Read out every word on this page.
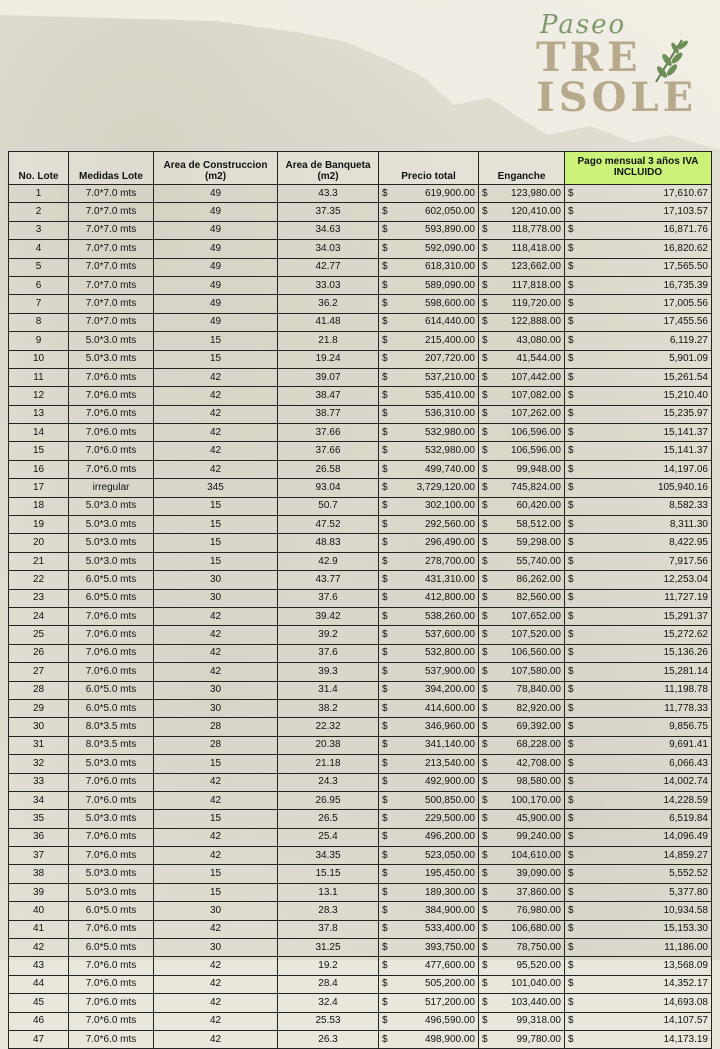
Paseo
TRE
ISOLE
No. Lote	Medidas Lote	Area de Construccion (m2)	Area de Banqueta (m2)	Precio total	Enganche	Pago mensual 3 años IVA INCLUIDO
1	7.0*7.0 mts	49	43.3	$ 619,900.00	$ 123,980.00	$ 17,610.67

2	7.0*7.0 mts	49	37.35	$ 602,050.00	$ 120,410.00	$ 17,103.57

3	7.0*7.0 mts	49	34.63	$ 593,890.00	$ 118,778.00	$ 16,871.76

4	7.0*7.0 mts	49	34.03	$ 592,090.00	$ 118,418.00	$ 16,820.62

5	7.0*7.0 mts	49	42.77	$ 618,310.00	$ 123,662.00	$ 17,565.50

6	7.0*7.0 mts	49	33.03	$ 589,090.00	$ 117,818.00	$ 16,735.39

7	7.0*7.0 mts	49	36.2	$ 598,600.00	$ 119,720.00	$ 17,005.56

8	7.0*7.0 mts	49	41.48	$ 614,440.00	$ 122,888.00	$ 17,455.56

9	5.0*3.0 mts	15	21.8	$ 215,400.00	$ 43,080.00	$ 6,119.27

10	5.0*3.0 mts	15	19.24	$ 207,720.00	$ 41,544.00	$ 5,901.09

11	7.0*6.0 mts	42	39.07	$ 537,210.00	$ 107,442.00	$ 15,261.54

12	7.0*6.0 mts	42	38.47	$ 535,410.00	$ 107,082.00	$ 15,210.40

13	7.0*6.0 mts	42	38.77	$ 536,310.00	$ 107,262.00	$ 15,235.97

14	7.0*6.0 mts	42	37.66	$ 532,980.00	$ 106,596.00	$ 15,141.37

15	7.0*6.0 mts	42	37.66	$ 532,980.00	$ 106,596.00	$ 15,141.37

16	7.0*6.0 mts	42	26.58	$ 499,740.00	$ 99,948.00	$ 14,197.06

17	irregular	345	93.04	$ 3,729,120.00	$ 745,824.00	$ 105,940.16

18	5.0*3.0 mts	15	50.7	$ 302,100.00	$ 60,420.00	$ 8,582.33

19	5.0*3.0 mts	15	47.52	$ 292,560.00	$ 58,512.00	$ 8,311.30

20	5.0*3.0 mts	15	48.83	$ 296,490.00	$ 59,298.00	$ 8,422.95

21	5.0*3.0 mts	15	42.9	$ 278,700.00	$ 55,740.00	$ 7,917.56

22	6.0*5.0 mts	30	43.77	$ 431,310.00	$ 86,262.00	$ 12,253.04

23	6.0*5.0 mts	30	37.6	$ 412,800.00	$ 82,560.00	$ 11,727.19

24	7.0*6.0 mts	42	39.42	$ 538,260.00	$ 107,652.00	$ 15,291.37

25	7.0*6.0 mts	42	39.2	$ 537,600.00	$ 107,520.00	$ 15,272.62

26	7.0*6.0 mts	42	37.6	$ 532,800.00	$ 106,560.00	$ 15,136.26

27	7.0*6.0 mts	42	39.3	$ 537,900.00	$ 107,580.00	$ 15,281.14

28	6.0*5.0 mts	30	31.4	$ 394,200.00	$ 78,840.00	$ 11,198.78

29	6.0*5.0 mts	30	38.2	$ 414,600.00	$ 82,920.00	$ 11,778.33

30	8.0*3.5 mts	28	22.32	$ 346,960.00	$ 69,392.00	$ 9,856.75

31	8.0*3.5 mts	28	20.38	$ 341,140.00	$ 68,228.00	$ 9,691.41

32	5.0*3.0 mts	15	21.18	$ 213,540.00	$ 42,708.00	$ 6,066.43

33	7.0*6.0 mts	42	24.3	$ 492,900.00	$ 98,580.00	$ 14,002.74

34	7.0*6.0 mts	42	26.95	$ 500,850.00	$ 100,170.00	$ 14,228.59

35	5.0*3.0 mts	15	26.5	$ 229,500.00	$ 45,900.00	$ 6,519.84

36	7.0*6.0 mts	42	25.4	$ 496,200.00	$ 99,240.00	$ 14,096.49

37	7.0*6.0 mts	42	34.35	$ 523,050.00	$ 104,610.00	$ 14,859.27

38	5.0*3.0 mts	15	15.15	$ 195,450.00	$ 39,090.00	$ 5,552.52

39	5.0*3.0 mts	15	13.1	$ 189,300.00	$ 37,860.00	$ 5,377.80

40	6.0*5.0 mts	30	28.3	$ 384,900.00	$ 76,980.00	$ 10,934.58

41	7.0*6.0 mts	42	37.8	$ 533,400.00	$ 106,680.00	$ 15,153.30

42	6.0*5.0 mts	30	31.25	$ 393,750.00	$ 78,750.00	$ 11,186.00

43	7.0*6.0 mts	42	19.2	$ 477,600.00	$ 95,520.00	$ 13,568.09

44	7.0*6.0 mts	42	28.4	$ 505,200.00	$ 101,040.00	$ 14,352.17

45	7.0*6.0 mts	42	32.4	$ 517,200.00	$ 103,440.00	$ 14,693.08

46	7.0*6.0 mts	42	25.53	$ 496,590.00	$ 99,318.00	$ 14,107.57

47	7.0*6.0 mts	42	26.3	$ 498,900.00	$ 99,780.00	$ 14,173.19
